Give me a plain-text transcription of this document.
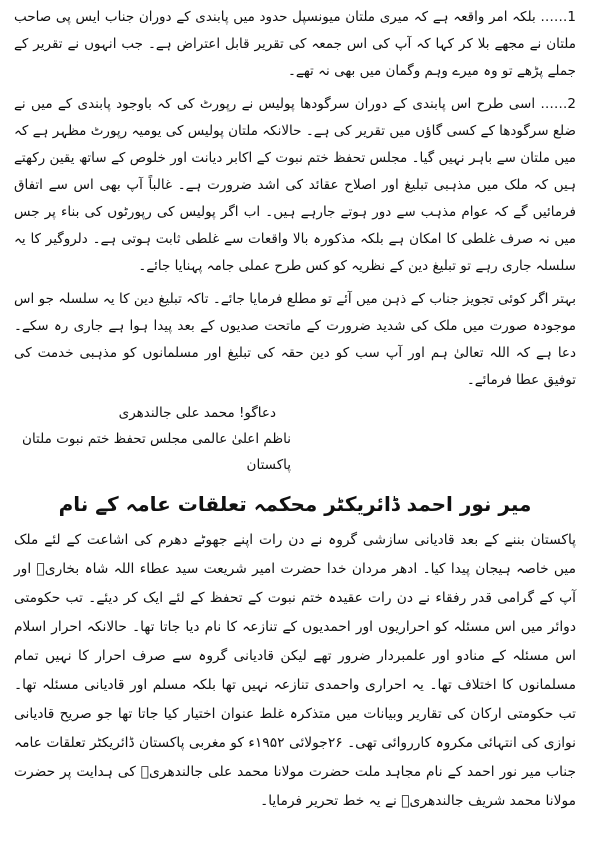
1…… بلکہ امر واقعہ ہے کہ میری ملتان میونسپل حدود میں پابندی کے دوران جناب ایس پی صاحب ملتان نے مجھے بلا کر کہا کہ آپ کی اس جمعہ کی تقریر قابل اعتراض ہے۔ جب انہوں نے تقریر کے جملے پڑھے تو وہ میرے وہم وگمان میں بھی نہ تھے۔

2…… اسی طرح اس پابندی کے دوران سرگودھا پولیس نے رپورٹ کی کہ باوجود پابندی کے میں نے ضلع سرگودھا کے کسی گاؤں میں تقریر کی ہے۔ حالانکہ ملتان پولیس کی یومیہ رپورٹ مظہر ہے کہ میں ملتان سے باہر نہیں گیا۔ مجلس تحفظ ختم نبوت کے اکابر دیانت اور خلوص کے ساتھ یقین رکھتے ہیں کہ ملک میں مذہبی تبلیغ اور اصلاح عقائد کی اشد ضرورت ہے۔ غالباً آپ بھی اس سے اتفاق فرمائیں گے کہ عوام مذہب سے دور ہوتے جارہے ہیں۔ اب اگر پولیس کی رپورٹوں کی بناء پر جس میں نہ صرف غلطی کا امکان ہے بلکہ مذکورہ بالا واقعات سے غلطی ثابت ہوتی ہے۔ دلروگیر کا یہ سلسلہ جاری رہے تو تبلیغ دین کے نظریہ کو کس طرح عملی جامہ پہنایا جائے۔

بہتر اگر کوئی تجویز جناب کے ذہن میں آئے تو مطلع فرمایا جائے۔ تاکہ تبلیغ دین کا یہ سلسلہ جو اس موجودہ صورت میں ملک کی شدید ضرورت کے ماتحت صدیوں کے بعد پیدا ہوا ہے جاری رہ سکے۔ دعا ہے کہ اللہ تعالیٰ ہم اور آپ سب کو دین حقہ کی تبلیغ اور مسلمانوں کو مذہبی خدمت کی توفیق عطا فرمائے۔

دعاگو! محمد علی جالندھری

ناظم اعلیٰ عالمی مجلس تحفظ ختم نبوت ملتان پاکستان

میر نور احمد ڈائریکٹر محکمہ تعلقات عامہ کے نام

پاکستان بننے کے بعد قادیانی سازشی گروہ نے دن رات اپنے جھوٹے دھرم کی اشاعت کے لئے ملک میں خاصہ ہیجان پیدا کیا۔ ادھر مردان خدا حضرت امیر شریعت سید عطاء اللہ شاہ بخاریؒ اور آپ کے گرامی قدر رفقاء نے دن رات عقیدہ ختم نبوت کے تحفظ کے لئے ایک کر دیئے۔ تب حکومتی دوائر میں اس مسئلہ کو احراریوں اور احمدیوں کے تنازعہ کا نام دیا جاتا تھا۔ حالانکہ احرار اسلام اس مسئلہ کے منادو اور علمبردار ضرور تھے لیکن قادیانی گروہ سے صرف احرار کا نہیں تمام مسلمانوں کا اختلاف تھا۔ یہ احراری واحمدی تنازعہ نہیں تھا بلکہ مسلم اور قادیانی مسئلہ تھا۔ تب حکومتی ارکان کی تقاریر وبیانات میں متذکرہ غلط عنوان اختیار کیا جاتا تھا جو صریح قادیانی نوازی کی انتہائی مکروہ کارروائی تھی۔ ۲۶جولائی ۱۹۵۲ء کو مغربی پاکستان ڈائریکٹر تعلقات عامہ جناب میر نور احمد کے نام مجاہد ملت حضرت مولانا محمد علی جالندھریؒ کی ہدایت پر حضرت مولانا محمد شریف جالندھریؒ نے یہ خط تحریر فرمایا۔
